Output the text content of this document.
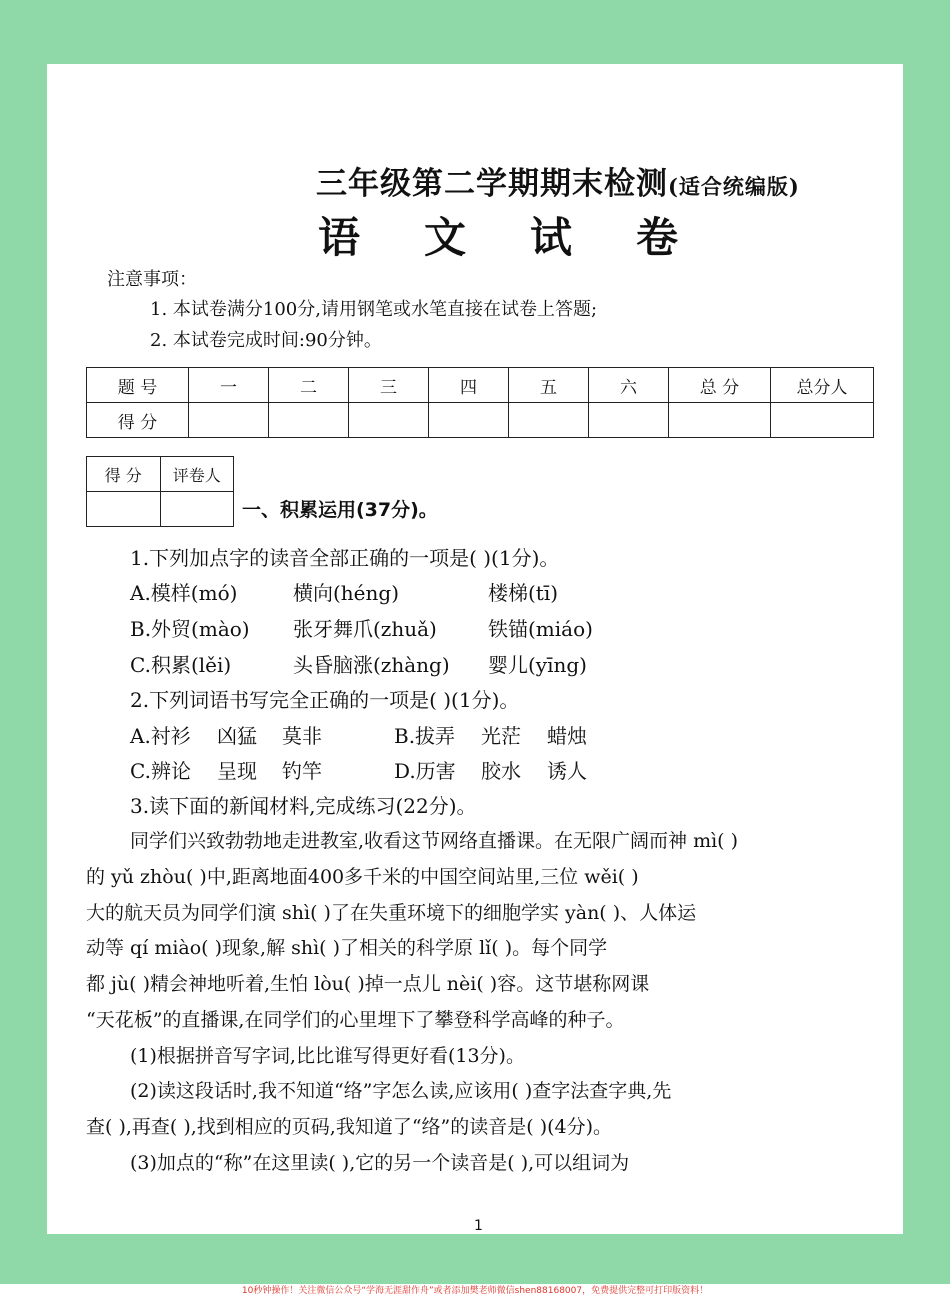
三年级第二学期期末检测(适合统编版)
语 文 试 卷
注意事项：
1. 本试卷满分100分,请用钢笔或水笔直接在试卷上答题;
2. 本试卷完成时间:90分钟。
题 号	一	二	三	四	五	六	总 分	总分人
得 分								
得 分	评卷人

一、积累运用(37分)。
1.下列加点字的读音全部正确的一项是( )(1分)。
A.模样(mó)	横向(héng)	楼梯(tī)
B.外贸(mào) 张牙舞爪(zhuǎ)	铁锚(miáo)
C.积累(lěi)	头昏脑涨(zhàng) 婴儿(yīng)
2.下列词语书写完全正确的一项是( )(1分)。
A.衬衫 凶猛 莫非	B.拔弄 光茫 蜡烛
C.辨论 呈现 钓竿	D.历害 胶水 诱人
3.读下面的新闻材料,完成练习(22分)。
同学们兴致勃勃地走进教室,收看这节网络直播课。在无限广阔而神 mì( )
的 yǔ zhòu( )中,距离地面400多千米的中国空间站里,三位 wěi( )
大的航天员为同学们演 shì( )了在失重环境下的细胞学实 yàn( )、人体运
动等 qí miào( )现象,解 shì( )了相关的科学原 lǐ( )。每个同学
都 jù( )精会神地听着,生怕 lòu( )掉一点儿 nèi( )容。这节堪称网课
“天花板”的直播课,在同学们的心里埋下了攀登科学高峰的种子。
(1)根据拼音写字词,比比谁写得更好看(13分)。
(2)读这段话时,我不知道“络”字怎么读,应该用( )查字法查字典,先
查( ),再查( ),找到相应的页码,我知道了“络”的读音是( )(4分)。
(3)加点的“称”在这里读( ),它的另一个读音是( ),可以组词为
1
10秒钟操作！关注微信公众号“学海无涯甜作舟”或者添加樊老师微信shen88168007，免费提供完整可打印版资料！
